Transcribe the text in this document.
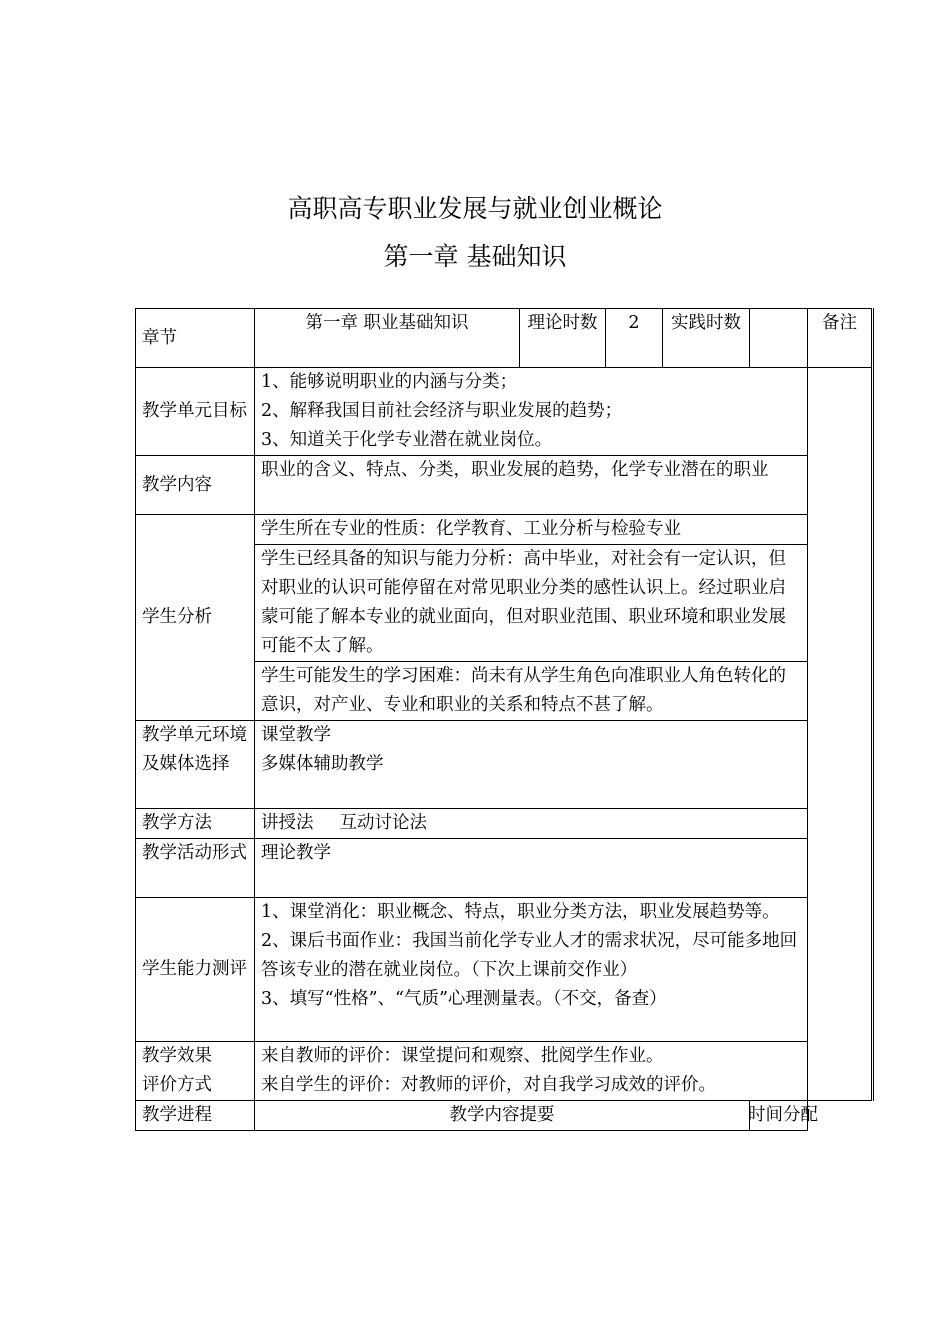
高职高专职业发展与就业创业概论
第一章 基础知识
章节	第一章 职业基础知识	理论时数	2	实践时数		备注
教学单元目标	1、能够说明职业的内涵与分类；
2、解释我国目前社会经济与职业发展的趋势；
3、知道关于化学专业潜在就业岗位。					

教学内容	职业的含义、特点、分类，职业发展的趋势，化学专业潜在的职业					
学生分析	学生所在专业的性质：化学教育、工业分析与检验专业					
	学生已经具备的知识与能力分析：高中毕业，对社会有一定认识，但对职业的认识可能停留在对常见职业分类的感性认识上。经过职业启蒙可能了解本专业的就业面向，但对职业范围、职业环境和职业发展可能不太了解。					
	学生可能发生的学习困难：尚未有从学生角色向准职业人角色转化的意识，对产业、专业和职业的关系和特点不甚了解。					

教学单元环境
及媒体选择	课堂教学
多媒体辅助教学					

教学方法	讲授法 互动讨论法					
教学活动形式	理论教学					
学生能力测评	1、课堂消化：职业概念、特点，职业分类方法，职业发展趋势等。
2、课后书面作业：我国当前化学专业人才的需求状况，尽可能多地回答该专业的潜在就业岗位。（下次上课前交作业）
3、填写“性格”、“气质”心理测量表。（不交，备查）					

教学效果
评价方式	来自教师的评价：课堂提问和观察、批阅学生作业。
来自学生的评价：对教师的评价，对自我学习成效的评价。					

教学进程	教学内容提要				时间分配	
